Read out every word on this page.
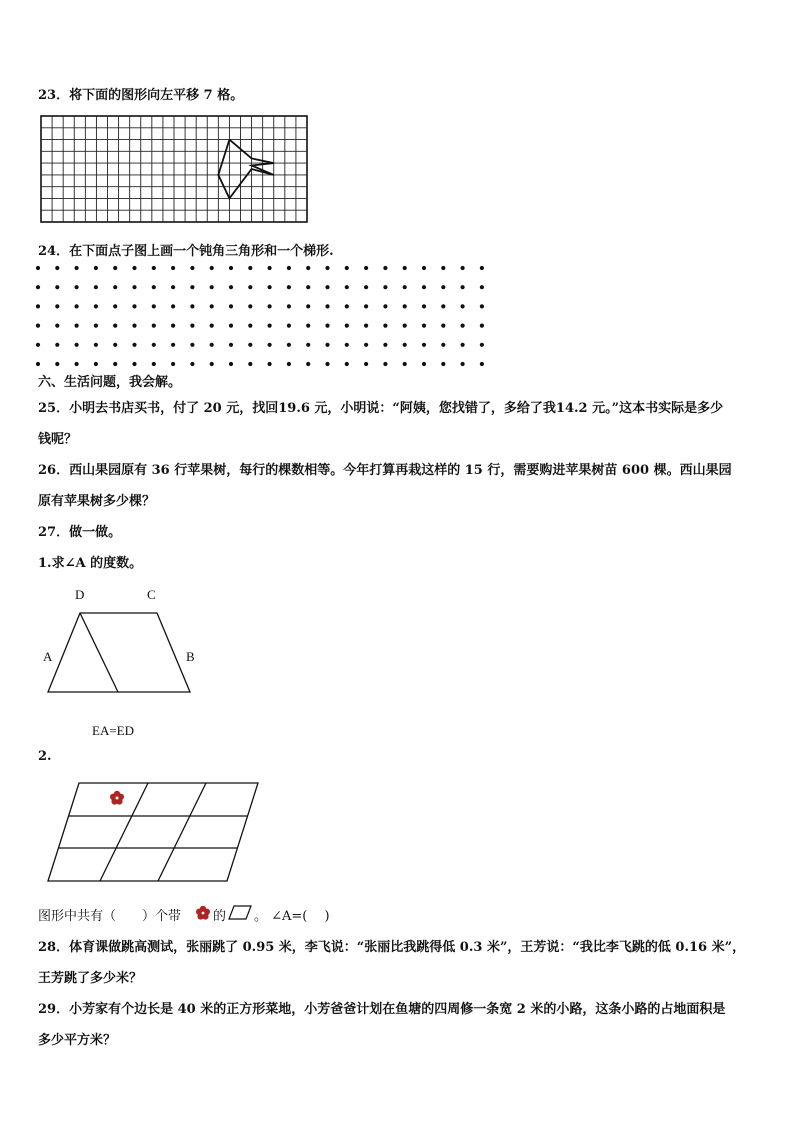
23．将下面的图形向左平移 7 格。
24．在下面点子图上画一个钝角三角形和一个梯形.
六、生活问题，我会解。
25．小明去书店买书，付了 20 元，找回19.6 元，小明说：“阿姨，您找错了，多给了我14.2 元。”这本书实际是多少
钱呢？
26．西山果园原有 36 行苹果树，每行的棵数相等。今年打算再栽这样的 15 行，需要购进苹果树苗 600 棵。西山果园
原有苹果树多少棵？
27．做一做。
1.求∠A 的度数。
D	C
A	B
EA=ED
2.
图形中共有（　　）个带 的 。 ∠A=(　 )
28．体育课做跳高测试，张丽跳了 0.95 米，李飞说：“张丽比我跳得低 0.3 米”，王芳说：“我比李飞跳的低 0.16 米”，
王芳跳了多少米？
29．小芳家有个边长是 40 米的正方形菜地，小芳爸爸计划在鱼塘的四周修一条宽 2 米的小路，这条小路的占地面积是
多少平方米？
